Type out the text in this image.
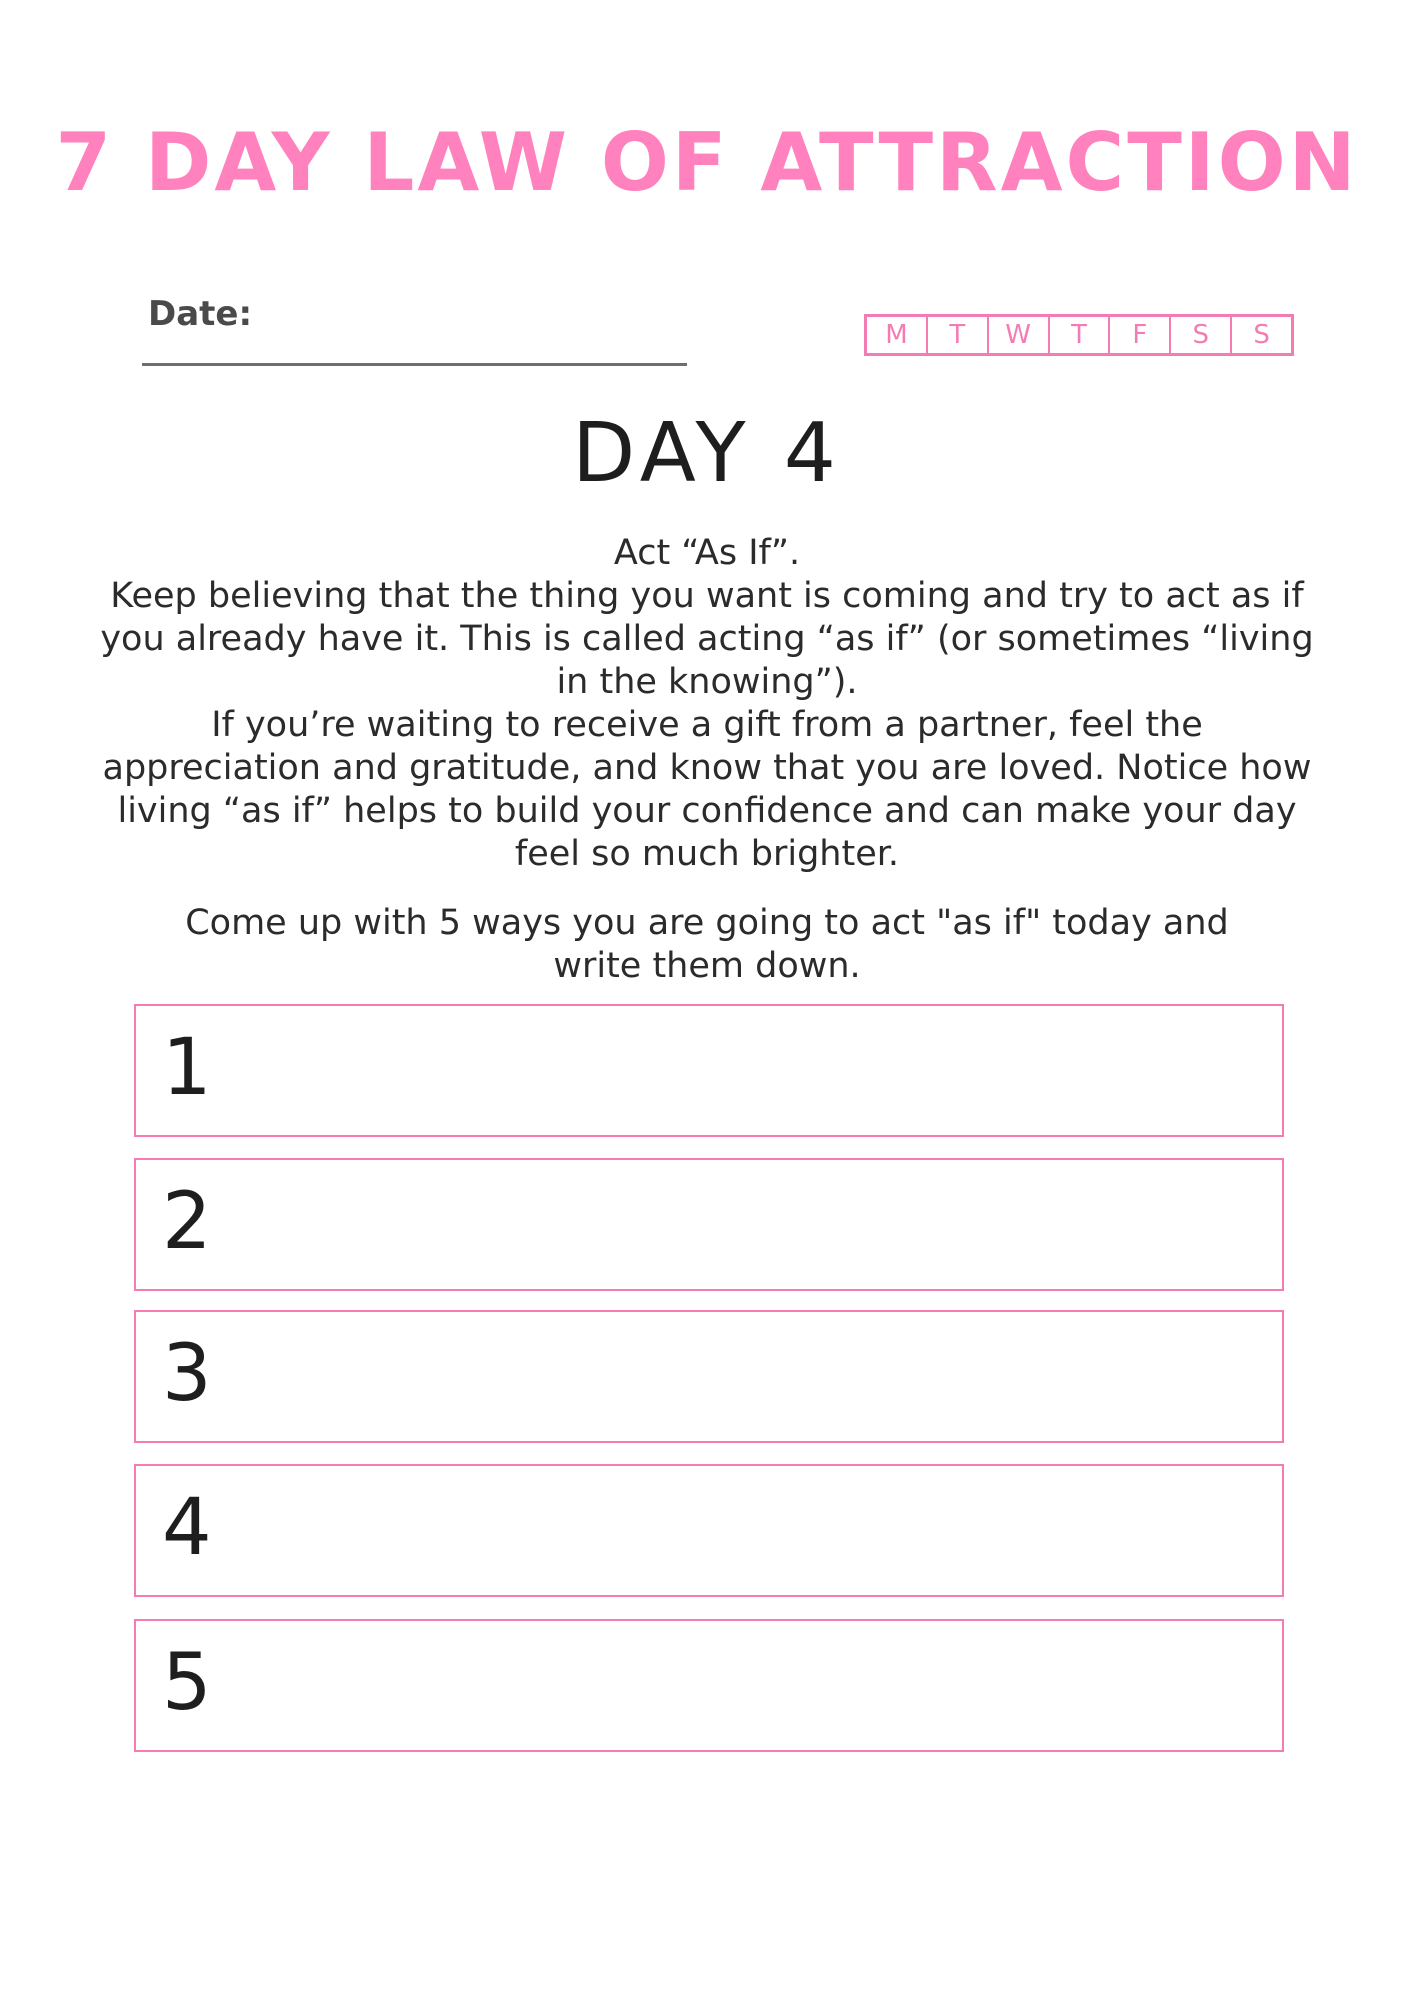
7 DAY LAW OF ATTRACTION
Date:
M	T	W	T	F	S	S
DAY 4

Act “As If”.

Keep believing that the thing you want is coming and try to act as if you already have it. This is called acting “as if” (or sometimes “living in the knowing”).

If you’re waiting to receive a gift from a partner, feel the appreciation and gratitude, and know that you are loved. Notice how living “as if” helps to build your confidence and can make your day feel so much brighter.

Come up with 5 ways you are going to act "as if" today and write them down.
1
2
3
4
5
